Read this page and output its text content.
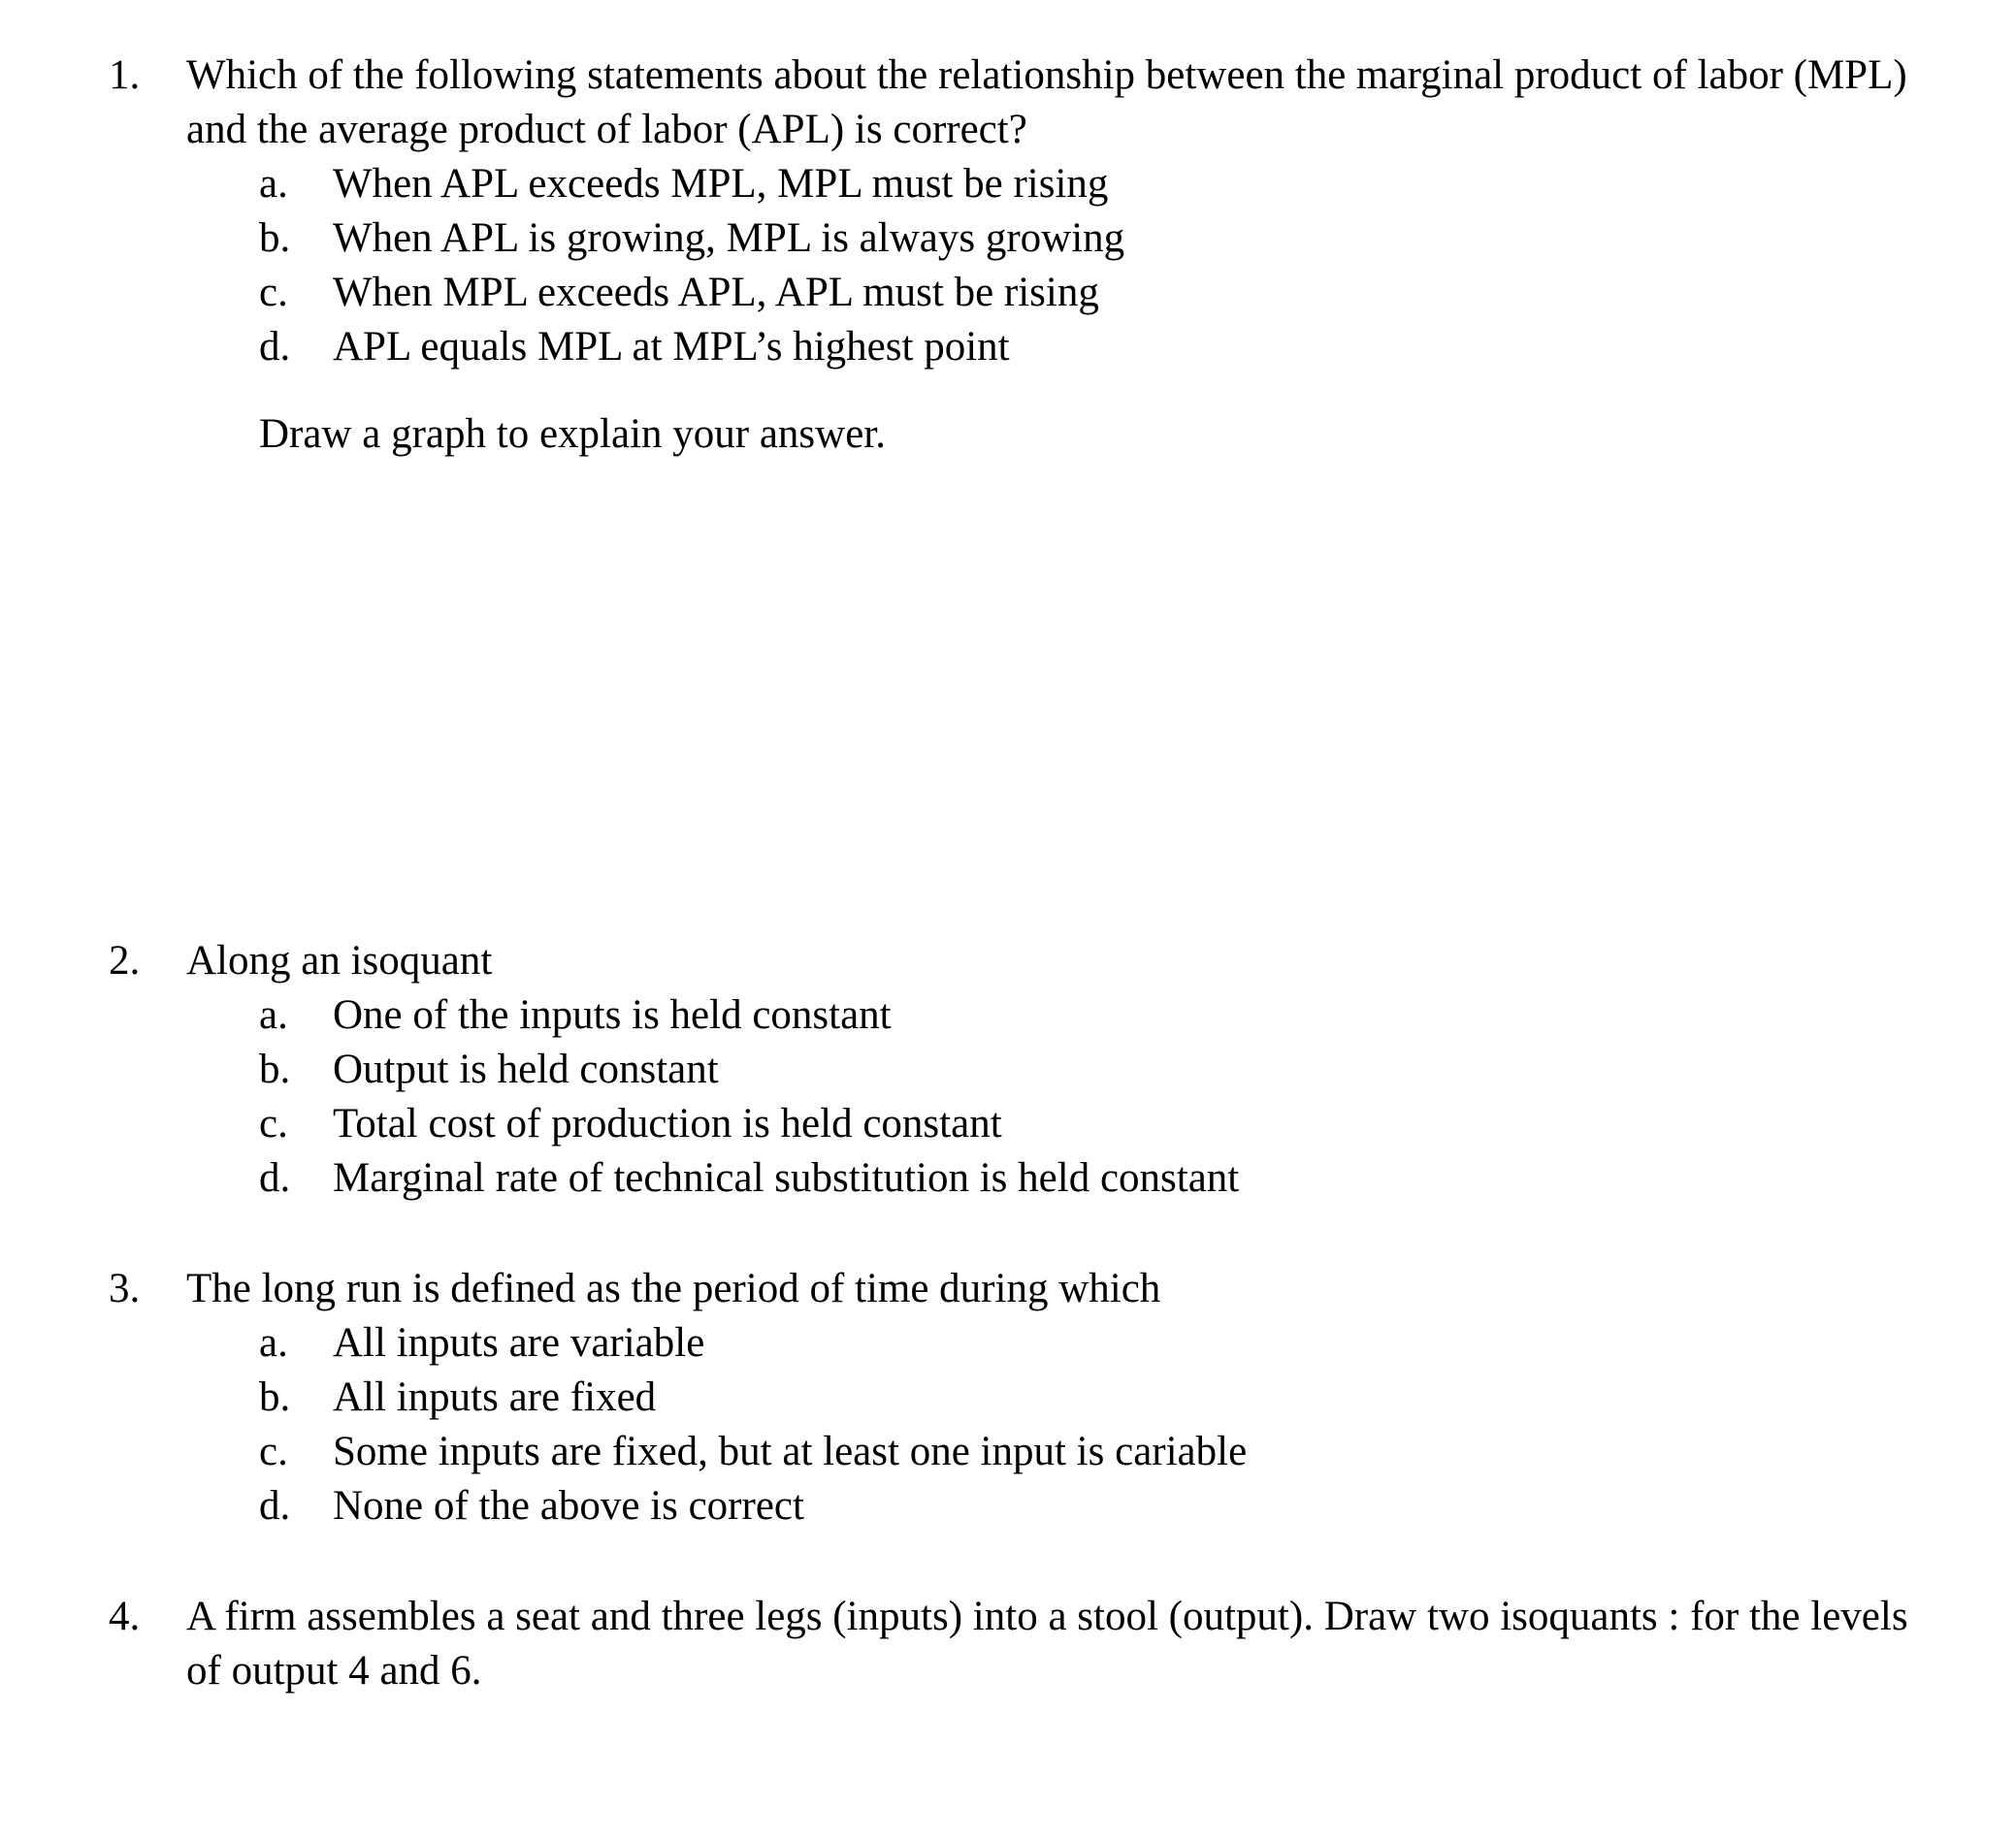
1. Which of the following statements about the relationship between the marginal product of labor (MPL) and the average product of labor (APL) is correct?
a. When APL exceeds MPL, MPL must be rising
b. When APL is growing, MPL is always growing
c. When MPL exceeds APL, APL must be rising
d. APL equals MPL at MPL’s highest point
Draw a graph to explain your answer.
2. Along an isoquant
a. One of the inputs is held constant
b. Output is held constant
c. Total cost of production is held constant
d. Marginal rate of technical substitution is held constant
3. The long run is defined as the period of time during which
a. All inputs are variable
b. All inputs are fixed
c. Some inputs are fixed, but at least one input is cariable
d. None of the above is correct
4. A firm assembles a seat and three legs (inputs) into a stool (output). Draw two isoquants : for the levels of output 4 and 6.
